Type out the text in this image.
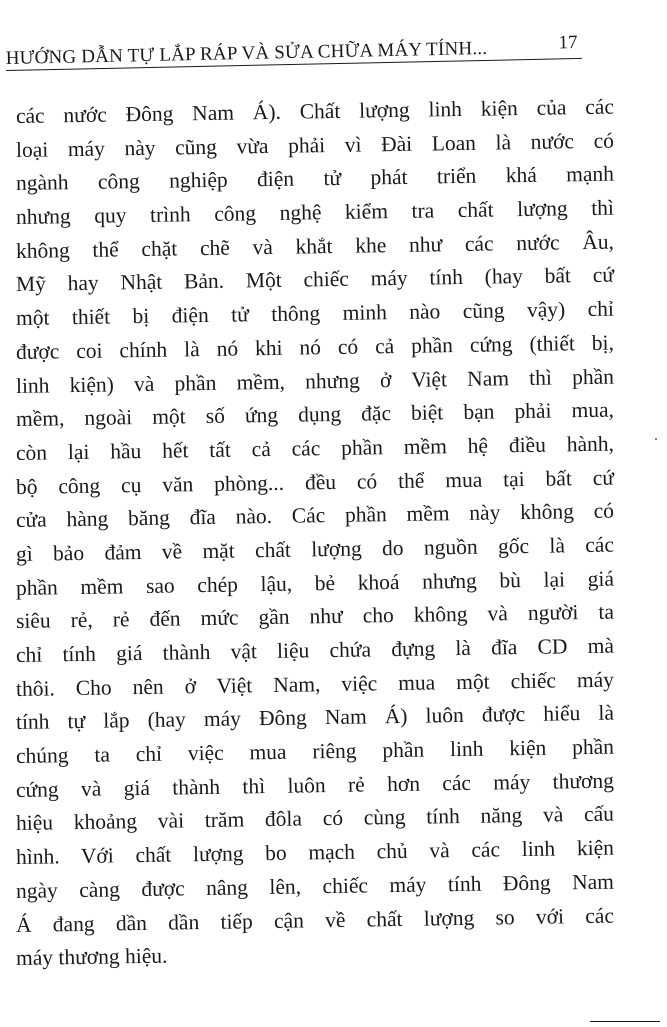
HƯỚNG DẪN TỰ LẮP RÁP VÀ SỬA CHỮA MÁY TÍNH...	17
các nước Đông Nam Á). Chất lượng linh kiện của các
loại máy này cũng vừa phải vì Đài Loan là nước có
ngành công nghiệp điện tử phát triển khá mạnh
nhưng quy trình công nghệ kiểm tra chất lượng thì
không thể chặt chẽ và khắt khe như các nước Âu,
Mỹ hay Nhật Bản. Một chiếc máy tính (hay bất cứ
một thiết bị điện tử thông minh nào cũng vậy) chỉ
được coi chính là nó khi nó có cả phần cứng (thiết bị,
linh kiện) và phần mềm, nhưng ở Việt Nam thì phần
mềm, ngoài một số ứng dụng đặc biệt bạn phải mua,
còn lại hầu hết tất cả các phần mềm hệ điều hành,
bộ công cụ văn phòng... đều có thể mua tại bất cứ
cửa hàng băng đĩa nào. Các phần mềm này không có
gì bảo đảm về mặt chất lượng do nguồn gốc là các
phần mềm sao chép lậu, bẻ khoá nhưng bù lại giá
siêu rẻ, rẻ đến mức gần như cho không và người ta
chỉ tính giá thành vật liệu chứa đựng là đĩa CD mà
thôi. Cho nên ở Việt Nam, việc mua một chiếc máy
tính tự lắp (hay máy Đông Nam Á) luôn được hiểu là
chúng ta chỉ việc mua riêng phần linh kiện phần
cứng và giá thành thì luôn rẻ hơn các máy thương
hiệu khoảng vài trăm đôla có cùng tính năng và cấu
hình. Với chất lượng bo mạch chủ và các linh kiện
ngày càng được nâng lên, chiếc máy tính Đông Nam
Á đang dần dần tiếp cận về chất lượng so với các
máy thương hiệu.
